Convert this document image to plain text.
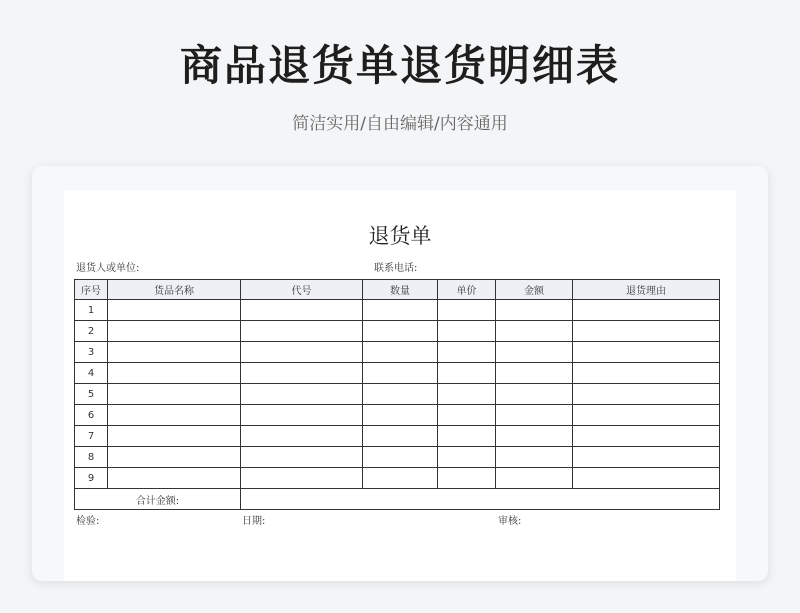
商品退货单退货明细表
简洁实用/自由编辑/内容通用
退货单
退货人或单位:	联系电话:
序号	货品名称	代号	数量	单价	金额	退货理由
1						
2						
3						
4						
5						
6						
7						
8						
9						
合计金额:						
检验:	日期:	审核:
